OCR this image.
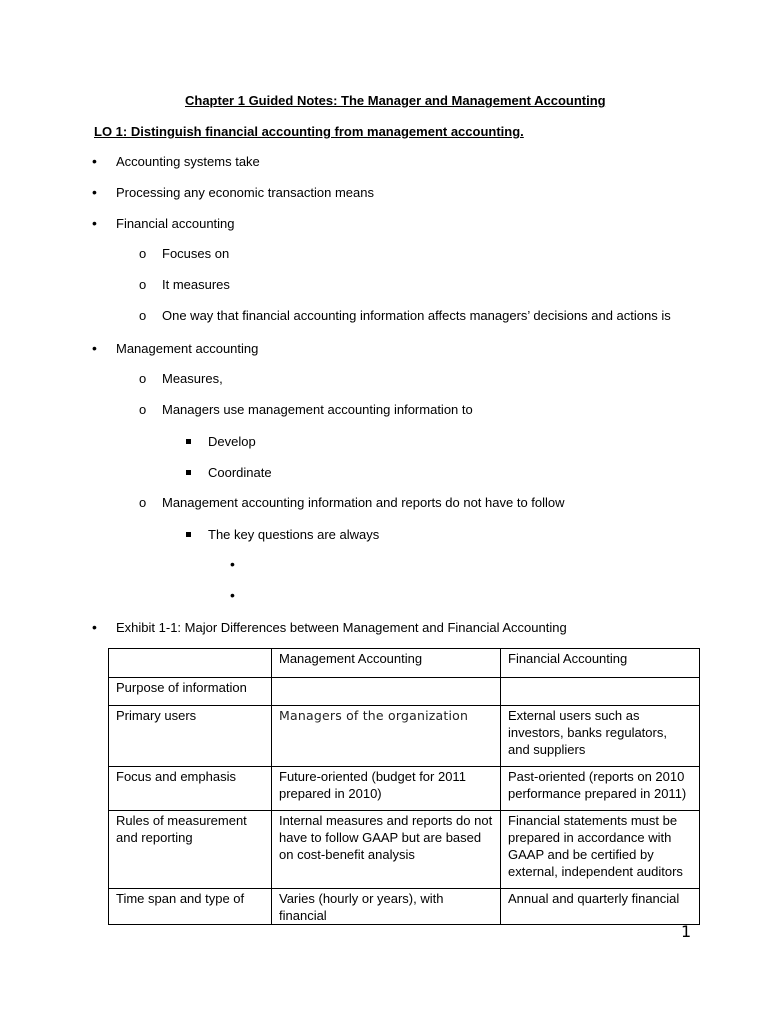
Chapter 1 Guided Notes: The Manager and Management Accounting
LO 1: Distinguish financial accounting from management accounting.
•
Accounting systems take
•
Processing any economic transaction means
•
Financial accounting
o
Focuses on
o
It measures
o
One way that financial accounting information affects managers’ decisions and actions is
•
Management accounting
o
Measures,
o
Managers use management accounting information to
Develop
Coordinate
o
Management accounting information and reports do not have to follow
The key questions are always
•
•
•
Exhibit 1-1: Major Differences between Management and Financial Accounting
	Management Accounting	Financial Accounting
Purpose of information		
Primary users	Managers of the organization	External users such as investors, banks regulators, and suppliers
Focus and emphasis	Future-oriented (budget for 2011 prepared in 2010)	Past-oriented (reports on 2010 performance prepared in 2011)
Rules of measurement and reporting	Internal measures and reports do not have to follow GAAP but are based on cost-benefit analysis	Financial statements must be prepared in accordance with GAAP and be certified by external, independent auditors
Time span and type of	Varies (hourly or years), with financial	Annual and quarterly financial
1
